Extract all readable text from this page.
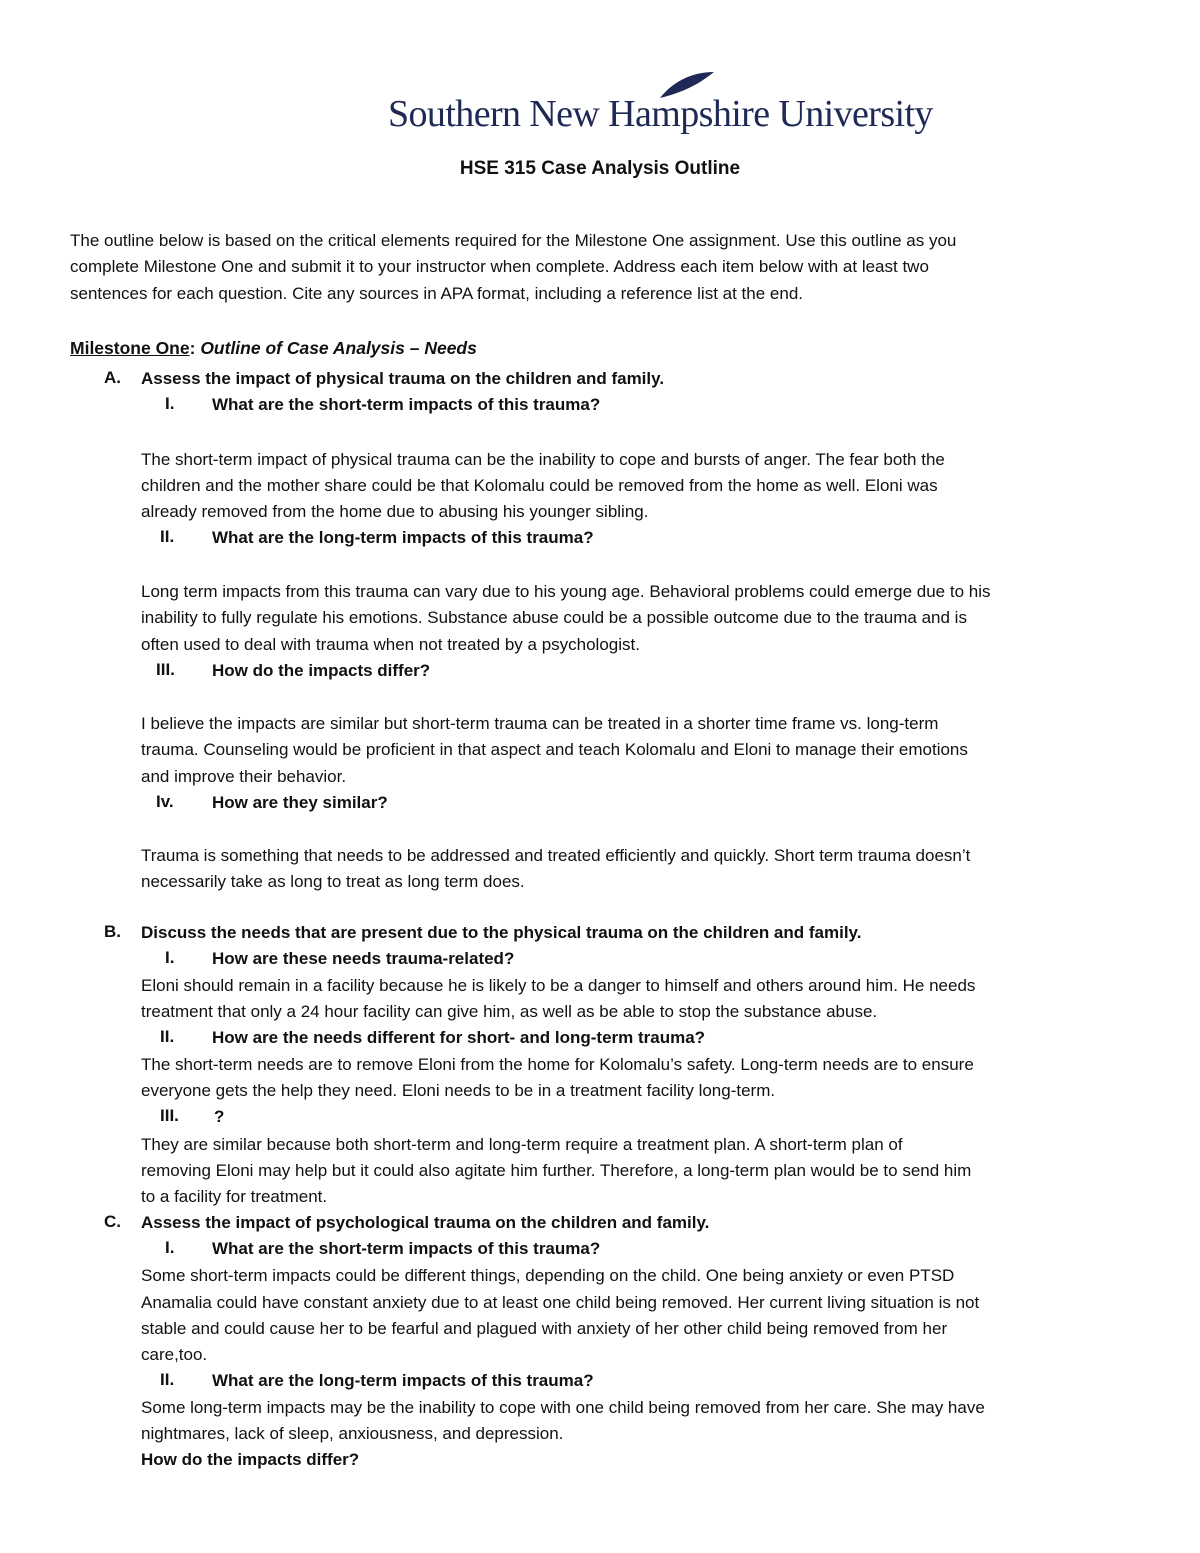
Southern New Hampshire University
HSE 315 Case Analysis Outline
The outline below is based on the critical elements required for the Milestone One assignment. Use this outline as you
complete Milestone One and submit it to your instructor when complete. Address each item below with at least two
sentences for each question. Cite any sources in APA format, including a reference list at the end.
Milestone One: Outline of Case Analysis – Needs
A. Assess the impact of physical trauma on the children and family.
I. What are the short-term impacts of this trauma?
The short-term impact of physical trauma can be the inability to cope and bursts of anger. The fear both the
children and the mother share could be that Kolomalu could be removed from the home as well. Eloni was
already removed from the home due to abusing his younger sibling.
II. What are the long-term impacts of this trauma?
Long term impacts from this trauma can vary due to his young age. Behavioral problems could emerge due to his
inability to fully regulate his emotions. Substance abuse could be a possible outcome due to the trauma and is
often used to deal with trauma when not treated by a psychologist.
III. How do the impacts differ?
I believe the impacts are similar but short-term trauma can be treated in a shorter time frame vs. long-term
trauma. Counseling would be proficient in that aspect and teach Kolomalu and Eloni to manage their emotions
and improve their behavior.
Iv. How are they similar?
Trauma is something that needs to be addressed and treated efficiently and quickly. Short term trauma doesn’t
necessarily take as long to treat as long term does.
B. Discuss the needs that are present due to the physical trauma on the children and family.
I. How are these needs trauma-related?
Eloni should remain in a facility because he is likely to be a danger to himself and others around him. He needs
treatment that only a 24 hour facility can give him, as well as be able to stop the substance abuse.
II. How are the needs different for short- and long-term trauma?
The short-term needs are to remove Eloni from the home for Kolomalu’s safety. Long-term needs are to ensure
everyone gets the help they need. Eloni needs to be in a treatment facility long-term.
III. ?
They are similar because both short-term and long-term require a treatment plan. A short-term plan of
removing Eloni may help but it could also agitate him further. Therefore, a long-term plan would be to send him
to a facility for treatment.
C. Assess the impact of psychological trauma on the children and family.
I. What are the short-term impacts of this trauma?
Some short-term impacts could be different things, depending on the child. One being anxiety or even PTSD
Anamalia could have constant anxiety due to at least one child being removed. Her current living situation is not
stable and could cause her to be fearful and plagued with anxiety of her other child being removed from her
care,too.
II. What are the long-term impacts of this trauma?
Some long-term impacts may be the inability to cope with one child being removed from her care. She may have
nightmares, lack of sleep, anxiousness, and depression.
How do the impacts differ?
